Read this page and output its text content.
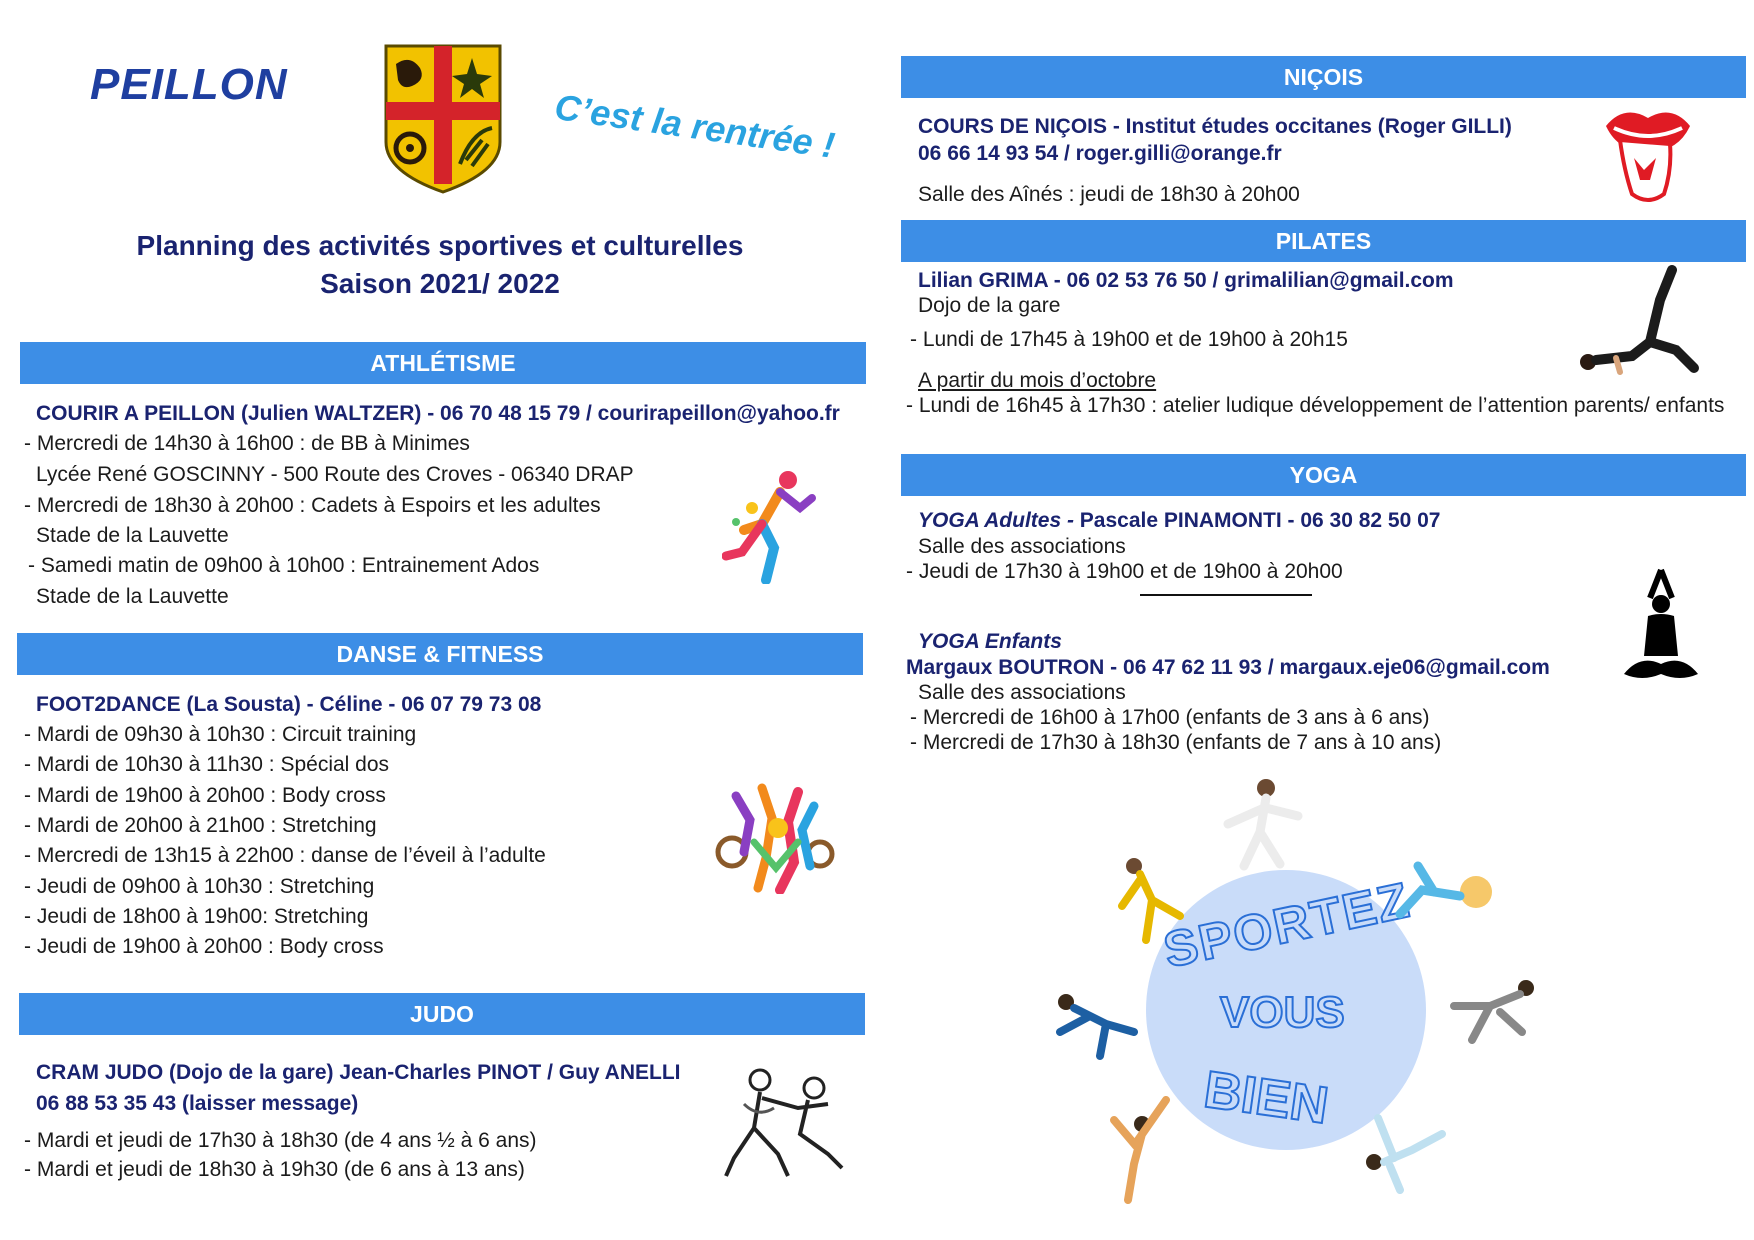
PEILLON
C’est la rentrée !
Planning des activités sportives et culturelles
Saison 2021/ 2022
ATHLÉTISME
COURIR A PEILLON (Julien WALTZER) - 06 70 48 15 79 / courirapeillon@yahoo.fr
- Mercredi de 14h30 à 16h00 : de BB à Minimes
Lycée René GOSCINNY - 500 Route des Croves - 06340 DRAP
- Mercredi de 18h30 à 20h00 : Cadets à Espoirs et les adultes
Stade de la Lauvette
- Samedi matin de 09h00 à 10h00 : Entrainement Ados
Stade de la Lauvette
DANSE & FITNESS
FOOT2DANCE (La Sousta) - Céline - 06 07 79 73 08
- Mardi de 09h30 à 10h30 : Circuit training
- Mardi de 10h30 à 11h30 : Spécial dos
- Mardi de 19h00 à 20h00 : Body cross
- Mardi de 20h00 à 21h00 : Stretching
- Mercredi de 13h15 à 22h00 : danse de l’éveil à l’adulte
- Jeudi de 09h00 à 10h30 : Stretching
- Jeudi de 18h00 à 19h00: Stretching
- Jeudi de 19h00 à 20h00 : Body cross
JUDO
CRAM JUDO (Dojo de la gare) Jean-Charles PINOT / Guy ANELLI
06 88 53 35 43 (laisser message)
- Mardi et jeudi de 17h30 à 18h30 (de 4 ans ½ à 6 ans)
- Mardi et jeudi de 18h30 à 19h30 (de 6 ans à 13 ans)
NIÇOIS
COURS DE NIÇOIS - Institut études occitanes (Roger GILLI)
06 66 14 93 54 / roger.gilli@orange.fr
Salle des Aînés : jeudi de 18h30 à 20h00
PILATES
Lilian GRIMA - 06 02 53 76 50 / grimalilian@gmail.com
Dojo de la gare
- Lundi de 17h45 à 19h00 et de 19h00 à 20h15
A partir du mois d’octobre
- Lundi de 16h45 à 17h30 : atelier ludique développement de l’attention parents/ enfants
YOGA
YOGA Adultes - Pascale PINAMONTI - 06 30 82 50 07
Salle des associations
- Jeudi de 17h30 à 19h00 et de 19h00 à 20h00
YOGA Enfants
Margaux BOUTRON - 06 47 62 11 93 / margaux.eje06@gmail.com
Salle des associations
- Mercredi de 16h00 à 17h00 (enfants de 3 ans à 6 ans)
- Mercredi de 17h30 à 18h30 (enfants de 7 ans à 10 ans)
SPORTEZ
VOUS
BIEN
